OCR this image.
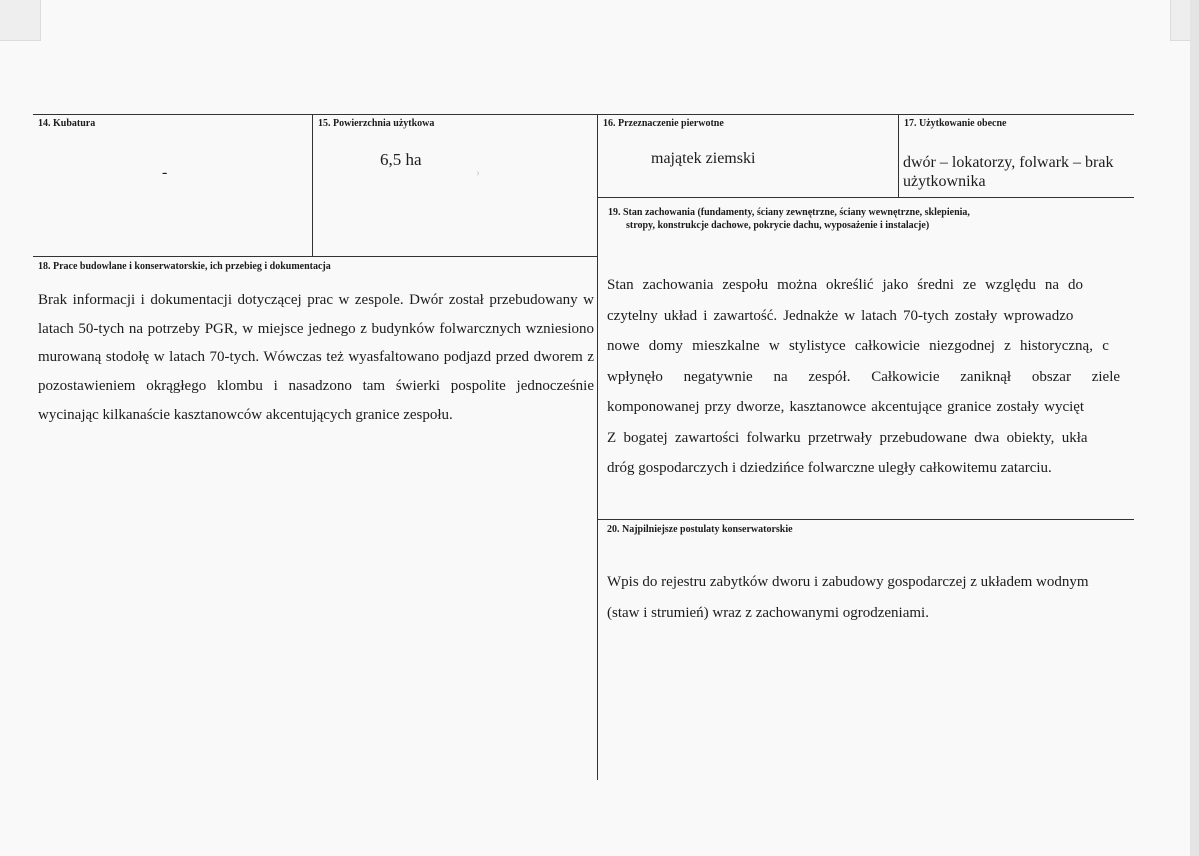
14. Kubatura
-
15. Powierzchnia użytkowa
6,5 ha
›
16. Przeznaczenie pierwotne
majątek ziemski
17. Użytkowanie obecne
dwór – lokatorzy, folwark – brak
użytkownika
19. Stan zachowania (fundamenty, ściany zewnętrzne, ściany wewnętrzne, sklepienia,
stropy, konstrukcje dachowe, pokrycie dachu, wyposażenie i instalacje)

Stan zachowania zespołu można określić jako średni ze względu na do

czytelny układ i zawartość. Jednakże w latach 70-tych zostały wprowadzo

nowe domy mieszkalne w stylistyce całkowicie niezgodnej z historyczną, c

wpłynęło negatywnie na zespół. Całkowicie zaniknął obszar ziele

komponowanej przy dworze, kasztanowce akcentujące granice zostały wycięt

Z bogatej zawartości folwarku przetrwały przebudowane dwa obiekty, ukła

dróg gospodarczych i dziedzińce folwarczne uległy całkowitemu zatarciu.

18. Prace budowlane i konserwatorskie, ich przebieg i dokumentacja
Brak informacji i dokumentacji dotyczącej prac w zespole. Dwór został przebudowany w latach 50-tych na potrzeby PGR, w miejsce jednego z budynków folwarcznych wzniesiono murowaną stodołę w latach 70-tych. Wówczas też wyasfaltowano podjazd przed dworem z pozostawieniem okrągłego klombu i nasadzono tam świerki pospolite jednocześnie wycinając kilkanaście kasztanowców akcentujących granice zespołu.
20. Najpilniejsze postulaty konserwatorskie

Wpis do rejestru zabytków dworu i zabudowy gospodarczej z układem wodnym

(staw i strumień) wraz z zachowanymi ogrodzeniami.
